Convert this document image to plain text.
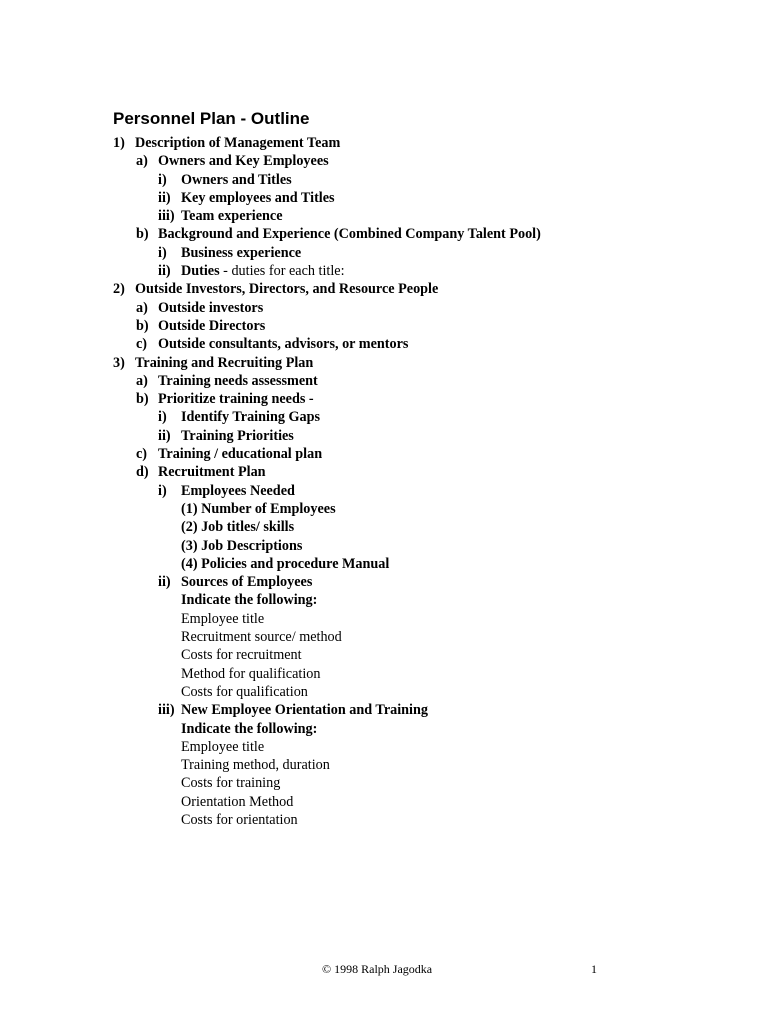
Personnel Plan - Outline
1) Description of Management Team
a) Owners and Key Employees
i) Owners and Titles
ii) Key employees and Titles
iii) Team experience
b) Background and Experience (Combined Company Talent Pool)
i) Business experience
ii) Duties - duties for each title:
2) Outside Investors, Directors, and Resource People
a) Outside investors
b) Outside Directors
c) Outside consultants, advisors, or mentors
3) Training and Recruiting Plan
a) Training needs assessment
b) Prioritize training needs -
i) Identify Training Gaps
ii) Training Priorities
c) Training / educational plan
d) Recruitment Plan
i) Employees Needed
(1) Number of Employees
(2) Job titles/ skills
(3) Job Descriptions
(4) Policies and procedure Manual
ii) Sources of Employees
Indicate the following:
Employee title
Recruitment source/ method
Costs for recruitment
Method for qualification
Costs for qualification
iii) New Employee Orientation and Training
Indicate the following:
Employee title
Training method, duration
Costs for training
Orientation Method
Costs for orientation
© 1998 Ralph Jagodka	1
